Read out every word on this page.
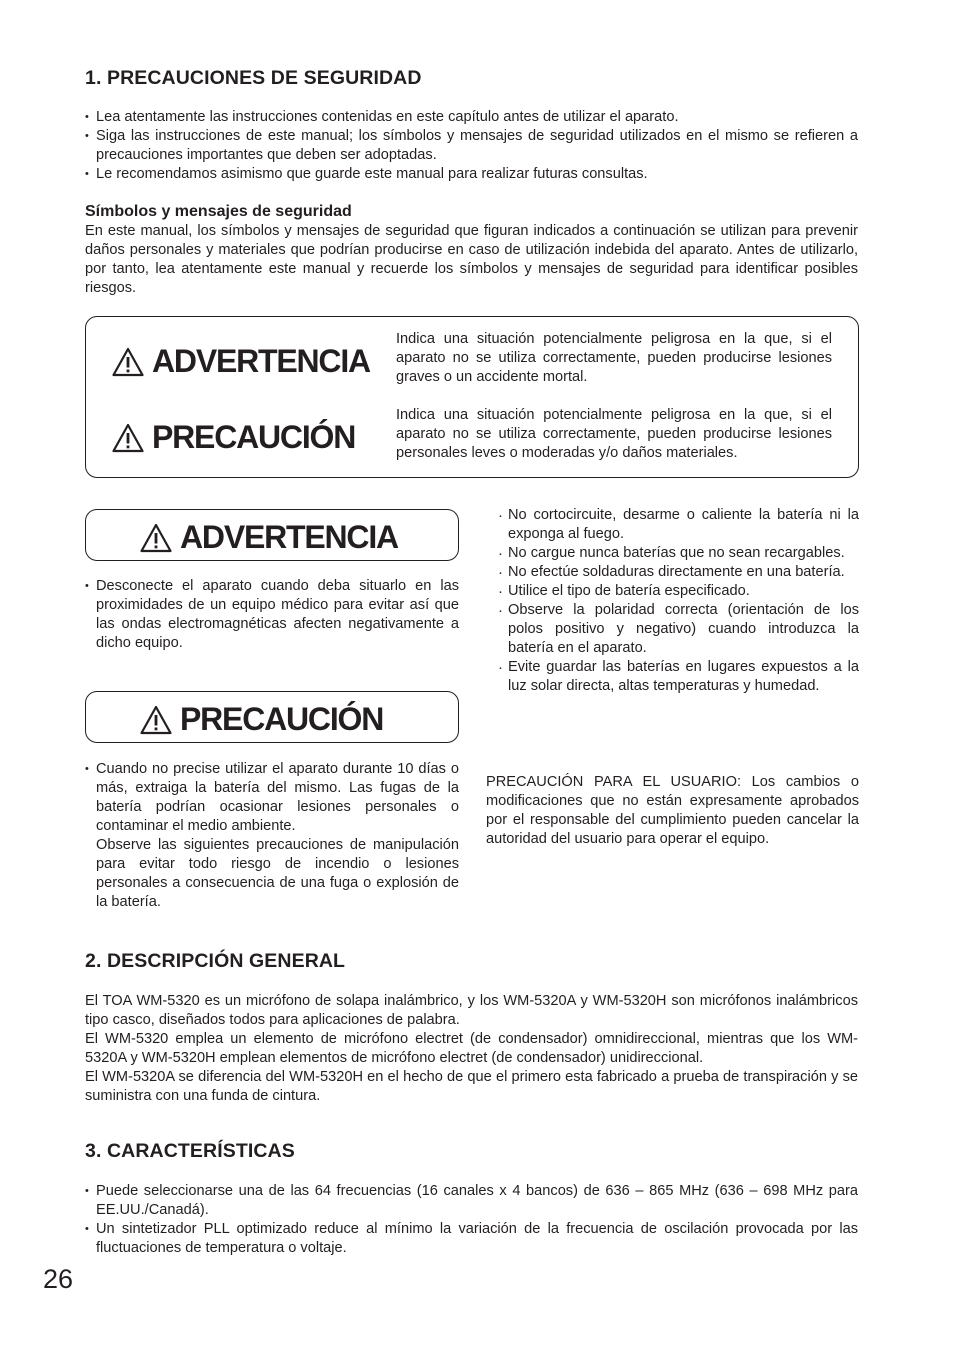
1. PRECAUCIONES DE SEGURIDAD
• Lea atentamente las instrucciones contenidas en este capítulo antes de utilizar el aparato.
• Siga las instrucciones de este manual; los símbolos y mensajes de seguridad utilizados en el mismo se refieren a precauciones importantes que deben ser adoptadas.
• Le recomendamos asimismo que guarde este manual para realizar futuras consultas.
Símbolos y mensajes de seguridad
En este manual, los símbolos y mensajes de seguridad que figuran indicados a continuación se utilizan para prevenir daños personales y materiales que podrían producirse en caso de utilización indebida del aparato. Antes de utilizarlo, por tanto, lea atentamente este manual y recuerde los símbolos y mensajes de seguridad para identificar posibles riesgos.
ADVERTENCIA
Indica una situación potencialmente peligrosa en la que, si el aparato no se utiliza correctamente, pueden producirse lesiones graves o un accidente mortal.
PRECAUCIÓN
Indica una situación potencialmente peligrosa en la que, si el aparato no se utiliza correctamente, pueden producirse lesiones personales leves o moderadas y/o daños materiales.
ADVERTENCIA
• Desconecte el aparato cuando deba situarlo en las proximidades de un equipo médico para evitar así que las ondas electromagnéticas afecten negativamente a dicho equipo.
PRECAUCIÓN
• Cuando no precise utilizar el aparato durante 10 días o más, extraiga la batería del mismo. Las fugas de la batería podrían ocasionar lesiones personales o contaminar el medio ambiente.
Observe las siguientes precauciones de manipulación para evitar todo riesgo de incendio o lesiones personales a consecuencia de una fuga o explosión de la batería.
· No cortocircuite, desarme o caliente la batería ni la exponga al fuego.
· No cargue nunca baterías que no sean recargables.
· No efectúe soldaduras directamente en una batería.
· Utilice el tipo de batería especificado.
· Observe la polaridad correcta (orientación de los polos positivo y negativo) cuando introduzca la batería en el aparato.
· Evite guardar las baterías en lugares expuestos a la luz solar directa, altas temperaturas y humedad.
PRECAUCIÓN PARA EL USUARIO: Los cambios o modificaciones que no están expresamente aprobados por el responsable del cumplimiento pueden cancelar la autoridad del usuario para operar el equipo.
2. DESCRIPCIÓN GENERAL
El TOA WM-5320 es un micrófono de solapa inalámbrico, y los WM-5320A y WM-5320H son micrófonos inalámbricos tipo casco, diseñados todos para aplicaciones de palabra.
El WM-5320 emplea un elemento de micrófono electret (de condensador) omnidireccional, mientras que los WM-5320A y WM-5320H emplean elementos de micrófono electret (de condensador) unidireccional.
El WM-5320A se diferencia del WM-5320H en el hecho de que el primero esta fabricado a prueba de transpiración y se suministra con una funda de cintura.
3. CARACTERÍSTICAS
• Puede seleccionarse una de las 64 frecuencias (16 canales x 4 bancos) de 636 – 865 MHz (636 – 698 MHz para EE.UU./Canadá).
• Un sintetizador PLL optimizado reduce al mínimo la variación de la frecuencia de oscilación provocada por las fluctuaciones de temperatura o voltaje.
26
